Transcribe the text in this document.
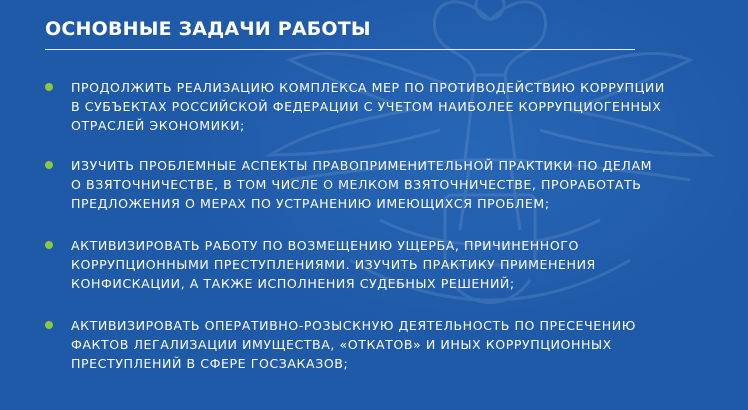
ОСНОВНЫЕ ЗАДАЧИ РАБОТЫ
ПРОДОЛЖИТЬ РЕАЛИЗАЦИЮ КОМПЛЕКСА МЕР ПО ПРОТИВОДЕЙСТВИЮ КОРРУПЦИИ
В СУБЪЕКТАХ РОССИЙСКОЙ ФЕДЕРАЦИИ С УЧЕТОМ НАИБОЛЕЕ КОРРУПЦИОГЕННЫХ
ОТРАСЛЕЙ ЭКОНОМИКИ;
ИЗУЧИТЬ ПРОБЛЕМНЫЕ АСПЕКТЫ ПРАВОПРИМЕНИТЕЛЬНОЙ ПРАКТИКИ ПО ДЕЛАМ
О ВЗЯТОЧНИЧЕСТВЕ, В ТОМ ЧИСЛЕ О МЕЛКОМ ВЗЯТОЧНИЧЕСТВЕ, ПРОРАБОТАТЬ
ПРЕДЛОЖЕНИЯ О МЕРАХ ПО УСТРАНЕНИЮ ИМЕЮЩИХСЯ ПРОБЛЕМ;
АКТИВИЗИРОВАТЬ РАБОТУ ПО ВОЗМЕЩЕНИЮ УЩЕРБА, ПРИЧИНЕННОГО
КОРРУПЦИОННЫМИ ПРЕСТУПЛЕНИЯМИ. ИЗУЧИТЬ ПРАКТИКУ ПРИМЕНЕНИЯ
КОНФИСКАЦИИ, А ТАКЖЕ ИСПОЛНЕНИЯ СУДЕБНЫХ РЕШЕНИЙ;
АКТИВИЗИРОВАТЬ ОПЕРАТИВНО-РОЗЫСКНУЮ ДЕЯТЕЛЬНОСТЬ ПО ПРЕСЕЧЕНИЮ
ФАКТОВ ЛЕГАЛИЗАЦИИ ИМУЩЕСТВА, «ОТКАТОВ» И ИНЫХ КОРРУПЦИОННЫХ
ПРЕСТУПЛЕНИЙ В СФЕРЕ ГОСЗАКАЗОВ;
